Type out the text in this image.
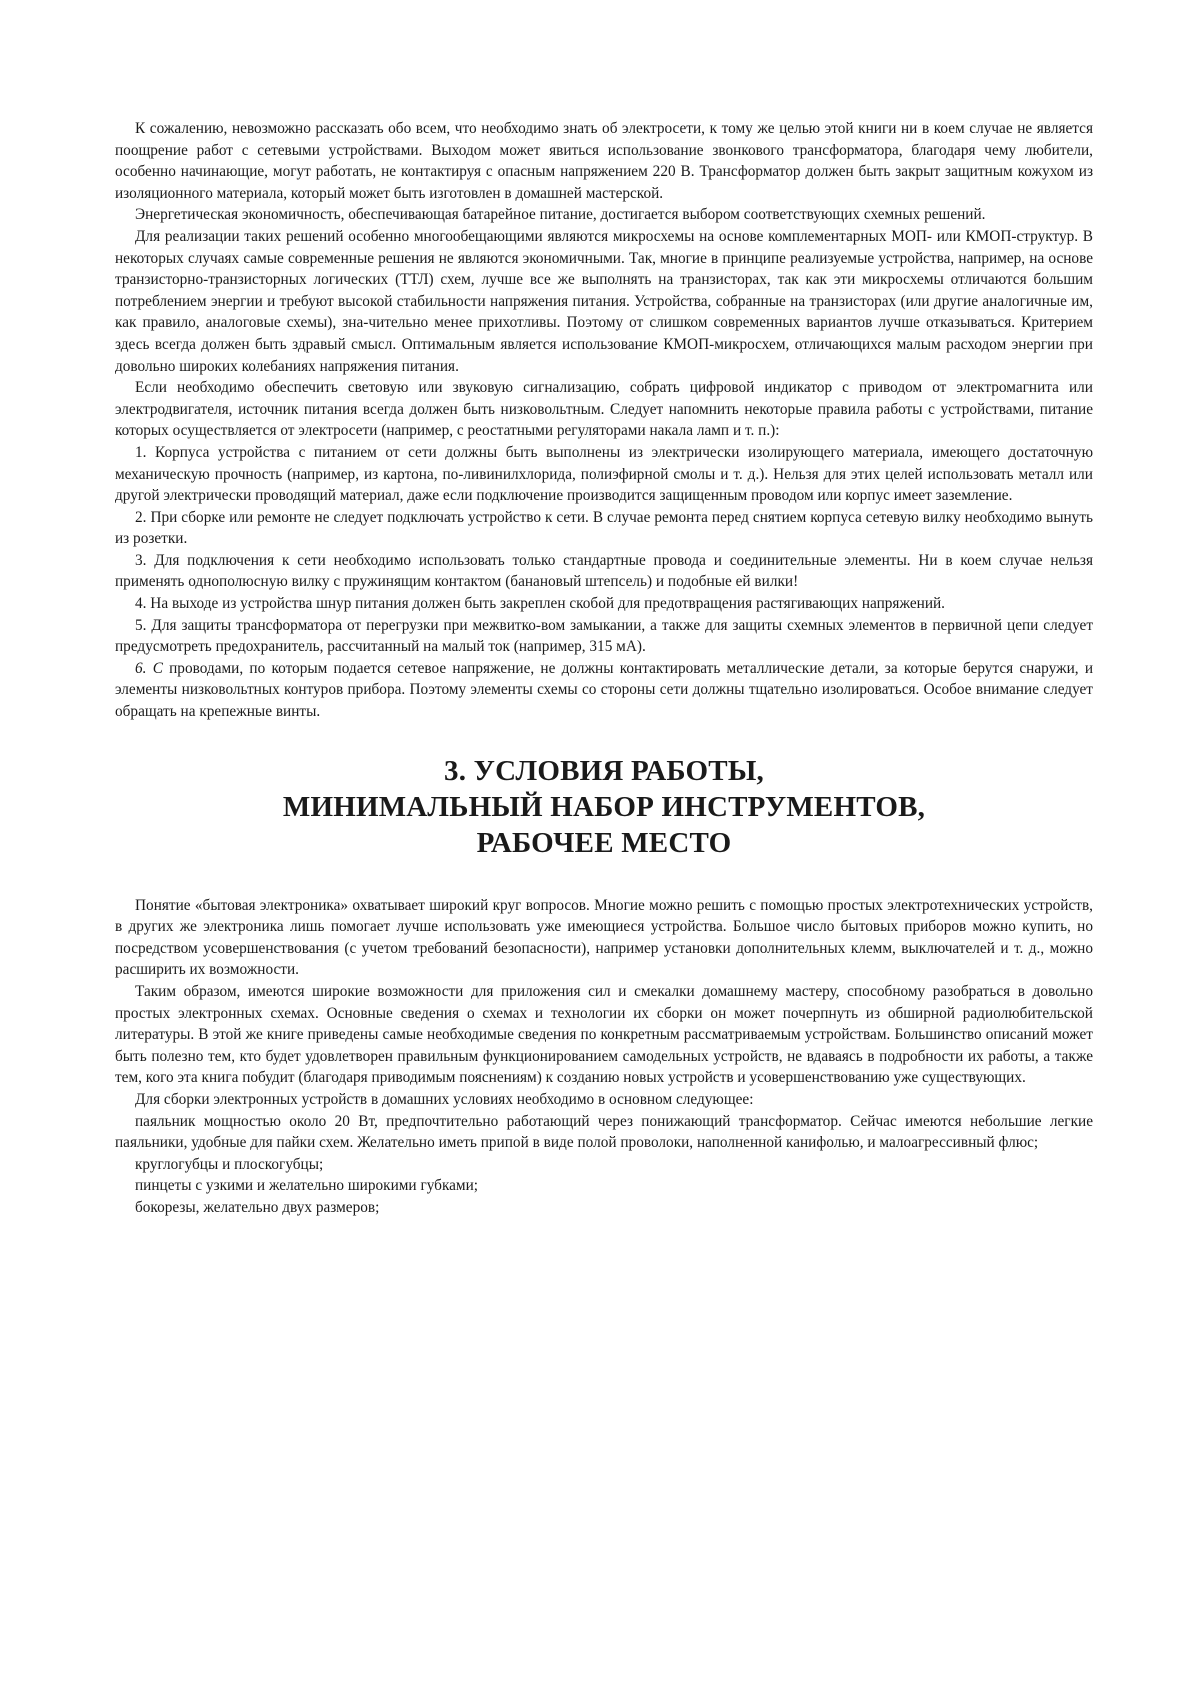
К сожалению, невозможно рассказать обо всем, что необходимо знать об электросети, к тому же целью этой книги ни в коем случае не является поощрение работ с сетевыми устройствами. Выходом может явиться использование звонкового трансформатора, благодаря чему любители, особенно начинающие, могут работать, не контактируя с опасным напряжением 220 В. Трансформатор должен быть закрыт защитным кожухом из изоляционного материала, который может быть изготовлен в домашней мастерской.

Энергетическая экономичность, обеспечивающая батарейное питание, достигается выбором соответствующих схемных решений.

Для реализации таких решений особенно многообещающими являются микросхемы на основе комплементарных МОП- или КМОП-структур. В некоторых случаях самые современные решения не являются экономичными. Так, многие в принципе реализуемые устройства, например, на основе транзисторно-транзисторных логических (ТТЛ) схем, лучше все же выполнять на транзисторах, так как эти микросхемы отличаются большим потреблением энергии и требуют высокой стабильности напряжения питания. Устройства, собранные на транзисторах (или другие аналогичные им, как правило, аналоговые схемы), зна-чительно менее прихотливы. Поэтому от слишком современных вариантов лучше отказываться. Критерием здесь всегда должен быть здравый смысл. Оптимальным является использование КМОП-микросхем, отличающихся малым расходом энергии при довольно широких колебаниях напряжения питания.

Если необходимо обеспечить световую или звуковую сигнализацию, собрать цифровой индикатор с приводом от электромагнита или электродвигателя, источник питания всегда должен быть низковольтным. Следует напомнить некоторые правила работы с устройствами, питание которых осуществляется от электросети (например, с реостатными регуляторами накала ламп и т. п.):

1. Корпуса устройства с питанием от сети должны быть выполнены из электрически изолирующего материала, имеющего достаточную механическую прочность (например, из картона, по-ливинилхлорида, полиэфирной смолы и т. д.). Нельзя для этих целей использовать металл или другой электрически проводящий материал, даже если подключение производится защищенным проводом или корпус имеет заземление.

2. При сборке или ремонте не следует подключать устройство к сети. В случае ремонта перед снятием корпуса сетевую вилку необходимо вынуть из розетки.

3. Для подключения к сети необходимо использовать только стандартные провода и соединительные элементы. Ни в коем случае нельзя применять однополюсную вилку с пружинящим контактом (банановый штепсель) и подобные ей вилки!

4. На выходе из устройства шнур питания должен быть закреплен скобой для предотвращения растягивающих напряжений.

5. Для защиты трансформатора от перегрузки при межвитко-вом замыкании, а также для защиты схемных элементов в первичной цепи следует предусмотреть предохранитель, рассчитанный на малый ток (например, 315 мА).

6. С проводами, по которым подается сетевое напряжение, не должны контактировать металлические детали, за которые берутся снаружи, и элементы низковольтных контуров прибора. Поэтому элементы схемы со стороны сети должны тщательно изолироваться. Особое внимание следует обращать на крепежные винты.

3. УСЛОВИЯ РАБОТЫ,
МИНИМАЛЬНЫЙ НАБОР ИНСТРУМЕНТОВ,
РАБОЧЕЕ МЕСТО

Понятие «бытовая электроника» охватывает широкий круг вопросов. Многие можно решить с помощью простых электротехнических устройств, в других же электроника лишь помогает лучше использовать уже имеющиеся устройства. Большое число бытовых приборов можно купить, но посредством усовершенствования (с учетом требований безопасности), например установки дополнительных клемм, выключателей и т. д., можно расширить их возможности.

Таким образом, имеются широкие возможности для приложения сил и смекалки домашнему мастеру, способному разобраться в довольно простых электронных схемах. Основные сведения о схемах и технологии их сборки он может почерпнуть из обширной радиолюбительской литературы. В этой же книге приведены самые необходимые сведения по конкретным рассматриваемым устройствам. Большинство описаний может быть полезно тем, кто будет удовлетворен правильным функционированием самодельных устройств, не вдаваясь в подробности их работы, а также тем, кого эта книга побудит (благодаря приводимым пояснениям) к созданию новых устройств и усовершенствованию уже существующих.

Для сборки электронных устройств в домашних условиях необходимо в основном следующее:

паяльник мощностью около 20 Вт, предпочтительно работающий через понижающий трансформатор. Сейчас имеются небольшие легкие паяльники, удобные для пайки схем. Желательно иметь припой в виде полой проволоки, наполненной канифолью, и малоагрессивный флюс;

круглогубцы и плоскогубцы;

пинцеты с узкими и желательно широкими губками;

бокорезы, желательно двух размеров;
